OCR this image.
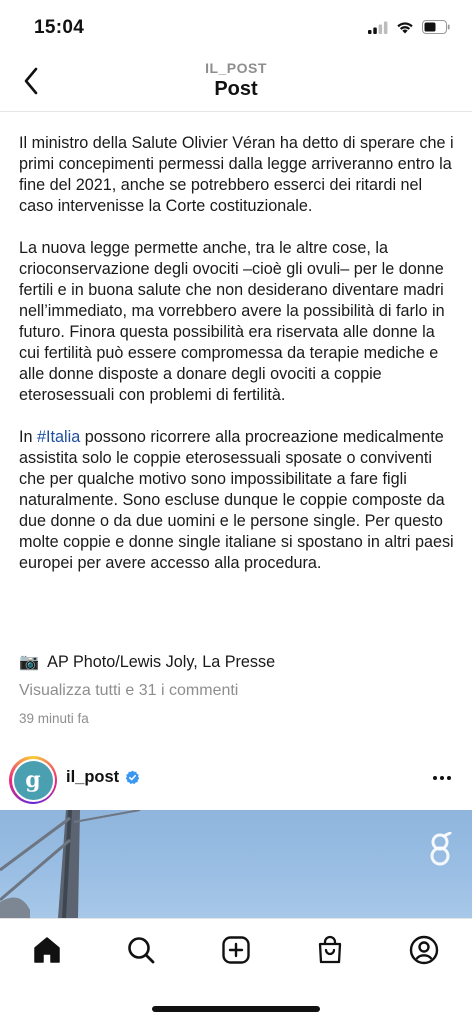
15:04
IL_POST
Post

Il ministro della Salute Olivier Véran ha detto di sperare che i primi concepimenti permessi dalla legge arriveranno entro la fine del 2021, anche se potrebbero esserci dei ritardi nel caso intervenisse la Corte costituzionale.

La nuova legge permette anche, tra le altre cose, la crioconservazione degli ovociti –cioè gli ovuli– per le donne fertili e in buona salute che non desiderano diventare madri nell’immediato, ma vorrebbero avere la possibilità di farlo in futuro. Finora questa possibilità era riservata alle donne la cui fertilità può essere compromessa da terapie mediche e alle donne disposte a donare degli ovociti a coppie eterosessuali con problemi di fertilità.

In #Italia possono ricorrere alla procreazione medicalmente assistita solo le coppie eterosessuali sposate o conviventi che per qualche motivo sono impossibilitate a fare figli naturalmente. Sono escluse dunque le coppie composte da due donne o da due uomini e le persone single. Per questo molte coppie e donne single italiane si spostano in altri paesi europei per avere accesso alla procedura.

📷 AP Photo/Lewis Joly, La Presse
Visualizza tutti e 31 i commenti
39 minuti fa
g	il_post
